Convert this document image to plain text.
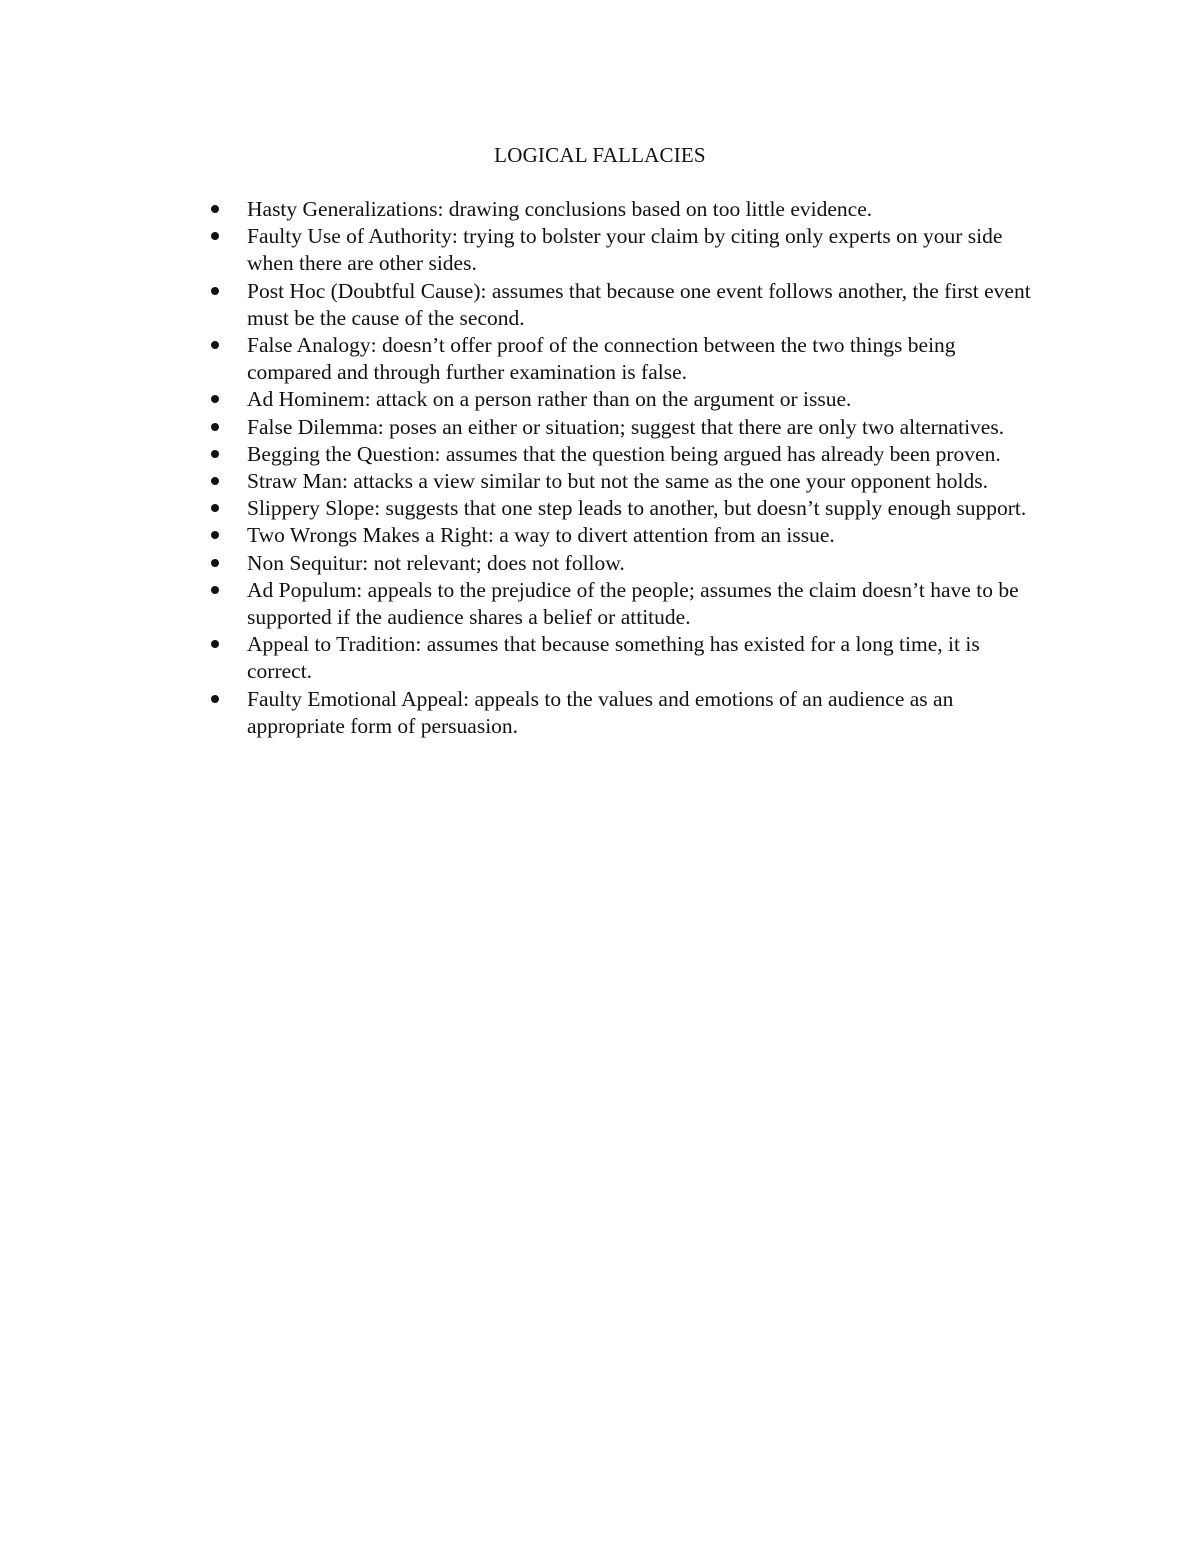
LOGICAL FALLACIES
Hasty Generalizations: drawing conclusions based on too little evidence.
Faulty Use of Authority: trying to bolster your claim by citing only experts on your side when there are other sides.
Post Hoc (Doubtful Cause): assumes that because one event follows another, the first event must be the cause of the second.
False Analogy: doesn’t offer proof of the connection between the two things being compared and through further examination is false.
Ad Hominem: attack on a person rather than on the argument or issue.
False Dilemma: poses an either or situation; suggest that there are only two alternatives.
Begging the Question: assumes that the question being argued has already been proven.
Straw Man: attacks a view similar to but not the same as the one your opponent holds.
Slippery Slope: suggests that one step leads to another, but doesn’t supply enough support.
Two Wrongs Makes a Right: a way to divert attention from an issue.
Non Sequitur: not relevant; does not follow.
Ad Populum: appeals to the prejudice of the people; assumes the claim doesn’t have to be supported if the audience shares a belief or attitude.
Appeal to Tradition: assumes that because something has existed for a long time, it is correct.
Faulty Emotional Appeal: appeals to the values and emotions of an audience as an appropriate form of persuasion.
